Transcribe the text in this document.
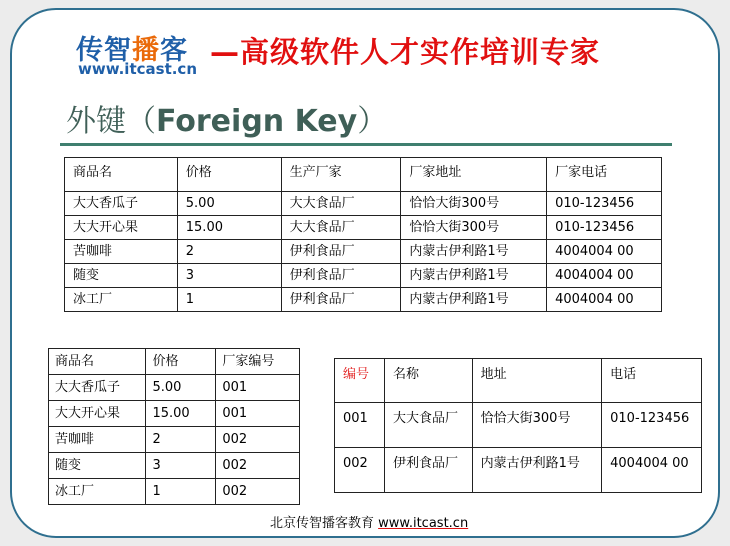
传智播客
www.itcast.cn —高级软件人才实作培训专家
外键（Foreign Key）
商品名	价格	生产厂家	厂家地址	厂家电话
大大香瓜子	5.00	大大食品厂	恰恰大街300号	010-123456
大大开心果	15.00	大大食品厂	恰恰大街300号	010-123456
苦咖啡	2	伊利食品厂	内蒙古伊利路1号	4004004 00
随变	3	伊利食品厂	内蒙古伊利路1号	4004004 00
冰工厂	1	伊利食品厂	内蒙古伊利路1号	4004004 00
商品名	价格	厂家编号
大大香瓜子	5.00	001
大大开心果	15.00	001
苦咖啡	2	002
随变	3	002
冰工厂	1	002
编号	名称	地址	电话
001	大大食品厂	恰恰大街300号	010-123456
002	伊利食品厂	内蒙古伊利路1号	4004004 00
北京传智播客教育 www.itcast.cn
